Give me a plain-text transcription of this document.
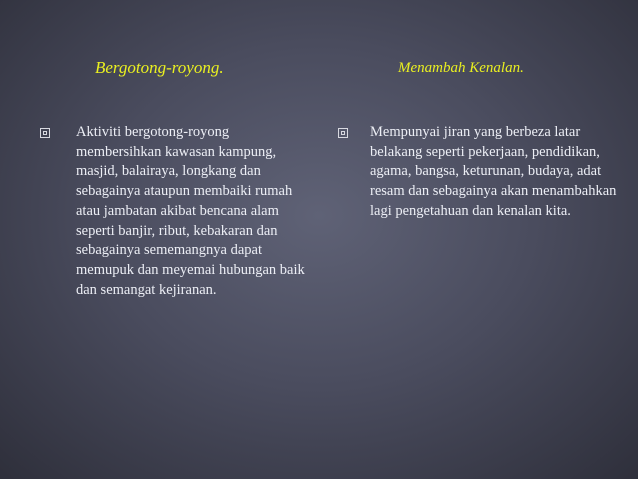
Bergotong-royong.	Menambah Kenalan.
Aktiviti bergotong-royong membersihkan kawasan kampung, masjid, balairaya, longkang dan sebagainya ataupun membaiki rumah atau jambatan akibat bencana alam seperti banjir, ribut, kebakaran dan sebagainya sememangnya dapat memupuk dan meyemai hubungan baik dan semangat kejiranan.
Mempunyai jiran yang berbeza latar belakang seperti pekerjaan, pendidikan, agama, bangsa, keturunan, budaya, adat resam dan sebagainya akan menambahkan lagi pengetahuan dan kenalan kita.
